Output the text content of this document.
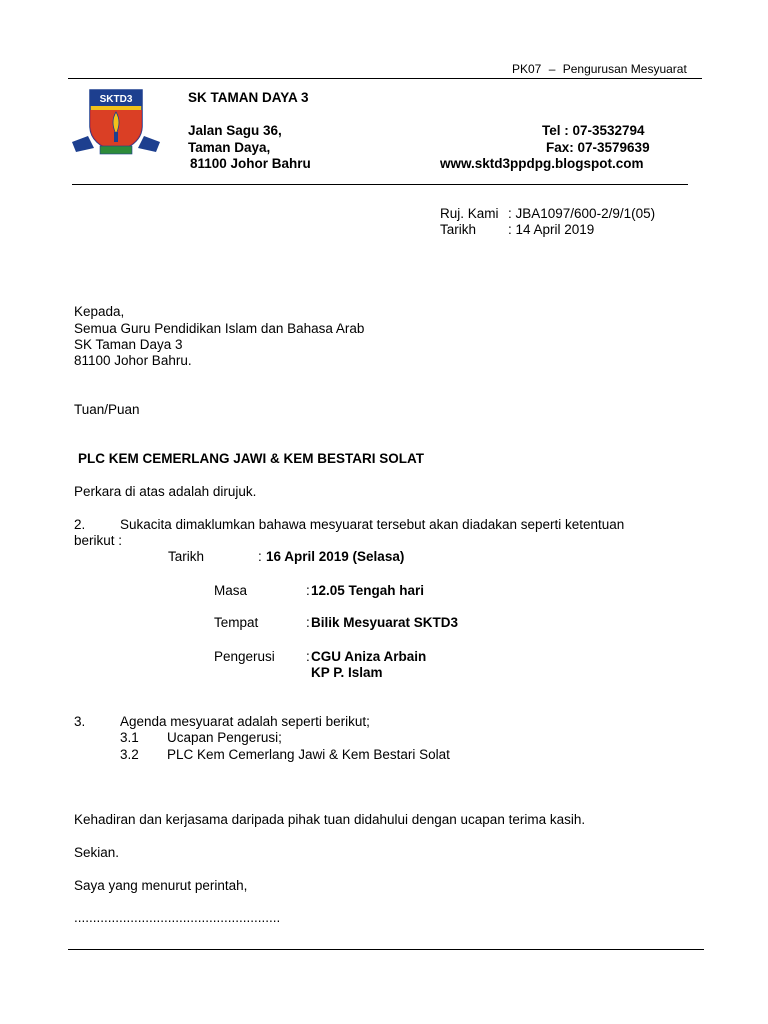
PK07 – Pengurusan Mesyuarat
SKTD3	SK TAMAN DAYA 3
Jalan Sagu 36,
Taman Daya,
81100 Johor Bahru
Tel : 07-3532794
Fax: 07-3579639
www.sktd3ppdpg.blogspot.com
Ruj. Kami : JBA1097/600-2/9/1(05)
Tarikh : 14 April 2019
Kepada,
Semua Guru Pendidikan Islam dan Bahasa Arab
SK Taman Daya 3
81100 Johor Bahru.
Tuan/Puan
PLC KEM CEMERLANG JAWI & KEM BESTARI SOLAT
Perkara di atas adalah dirujuk.
2.	Sukacita dimaklumkan bahawa mesyuarat tersebut akan diadakan seperti ketentuan
berikut :
Tarikh	: 16 April 2019 (Selasa)
Masa	: 12.05 Tengah hari
Tempat	: Bilik Mesyuarat SKTD3
Pengerusi : CGU Aniza Arbain
KP P. Islam
3.	Agenda mesyuarat adalah seperti berikut;
3.1 Ucapan Pengerusi;
3.2 PLC Kem Cemerlang Jawi & Kem Bestari Solat
Kehadiran dan kerjasama daripada pihak tuan didahului dengan ucapan terima kasih.
Sekian.
Saya yang menurut perintah,
.......................................................
